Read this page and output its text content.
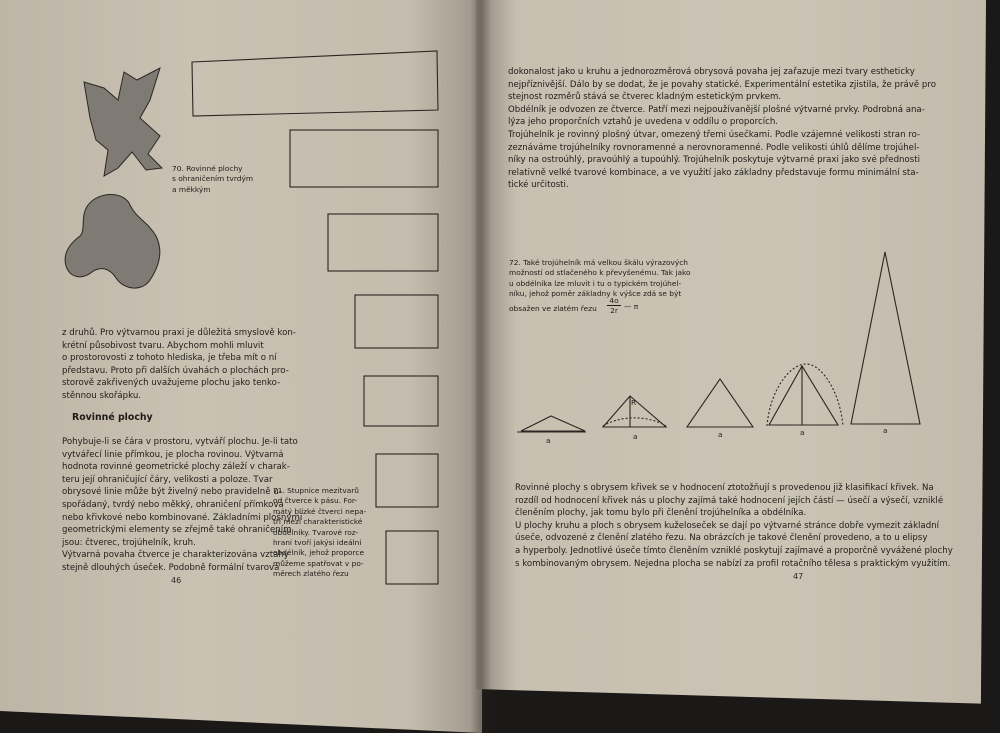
.
.
.
.
a	a	a	a	a
R
70. Rovinné plochy
s ohraničením tvrdým
a měkkým
z druhů. Pro výtvarnou praxi je důležitá smyslově kon-
krétní působivost tvaru. Abychom mohli mluvit
o prostorovosti z tohoto hlediska, je třeba mít o ní
představu. Proto při dalších úvahách o plochách pro-
storově zakřivených uvažujeme plochu jako tenko-
stěnnou skořápku.
Rovinné plochy
Pohybuje-li se čára v prostoru, vytváří plochu. Je-li tato
vytvářecí linie přímkou, je plocha rovinou. Výtvarná
hodnota rovinné geometrické plochy záleží v charak-
teru její ohraničující čáry, velikosti a poloze. Tvar
obrysové linie může být živelný nebo pravidelně u-
spořádaný, tvrdý nebo měkký, ohraničení přímková
nebo křivkové nebo kombinované. Základními plošnými
geometrickými elementy se zřejmě také ohraničením
jsou: čtverec, trojúhelník, kruh.
Výtvarná povaha čtverce je charakterizována vztahy
stejně dlouhých úseček. Podobně formální tvarová
71. Stupnice mezitvarů
od čtverce k pásu. For-
mátý blízké čtverci nepa-
tří mezi charakteristické
obdélníky. Tvarové roz-
hraní tvoří jakýsi ideální
obdélník, jehož proporce
můžeme spatřovat v po-
měrech zlatého řezu
46
dokonalost jako u kruhu a jednorozměrová obrysová povaha jej zařazuje mezi tvary estheticky
nejpříznivější. Dálo by se dodat, že je povahy statické. Experimentální estetika zjistila, že právě pro
stejnost rozměrů stává se čtverec kladným estetickým prvkem.
Obdélník je odvozen ze čtverce. Patří mezi nejpoužívanější plošné výtvarné prvky. Podrobná ana-
lýza jeho proporčních vztahů je uvedena v oddílu o proporcích.
Trojúhelník je rovinný plošný útvar, omezený třemi úsečkami. Podle vzájemné velikosti stran ro-
zeznáváme trojúhelníky rovnoramenné a nerovnoramenné. Podle velikosti úhlů dělíme trojúhel-
níky na ostroúhlý, pravoúhlý a tupoúhlý. Trojúhelník poskytuje výtvarné praxi jako své přednosti
relativně velké tvarové kombinace, a ve využití jako základny představuje formu minimální sta-
tické určitosti.
72. Také trojúhelník má velkou škálu výrazových
možností od stlačeného k převyšenému. Tak jako
u obdélníka lze mluvit i tu o typickém trojúhel-
níku, jehož poměr základny k výšce zdá se být
obsažen ve zlatém řezu $\frac{4o}{2r}$ — π
Rovinné plochy s obrysem křivek se v hodnocení ztotožňují s provedenou již klasifikací křivek. Na
rozdíl od hodnocení křivek nás u plochy zajímá také hodnocení jejích částí — úsečí a výsečí, vzniklé
členěním plochy, jak tomu bylo při členění trojúhelníka a obdélníka.
U plochy kruhu a ploch s obrysem kuželoseček se dají po výtvarné stránce dobře vymezit základní
úseče, odvozené z členění zlatého řezu. Na obrázcích je takové členění provedeno, a to u elipsy
a hyperboly. Jednotlivé úseče tímto členěním vzniklé poskytují zajímavé a proporčně vyvážené plochy
s kombinovaným obrysem. Nejedna plocha se nabízí za profil rotačního tělesa s praktickým využitím.
47
